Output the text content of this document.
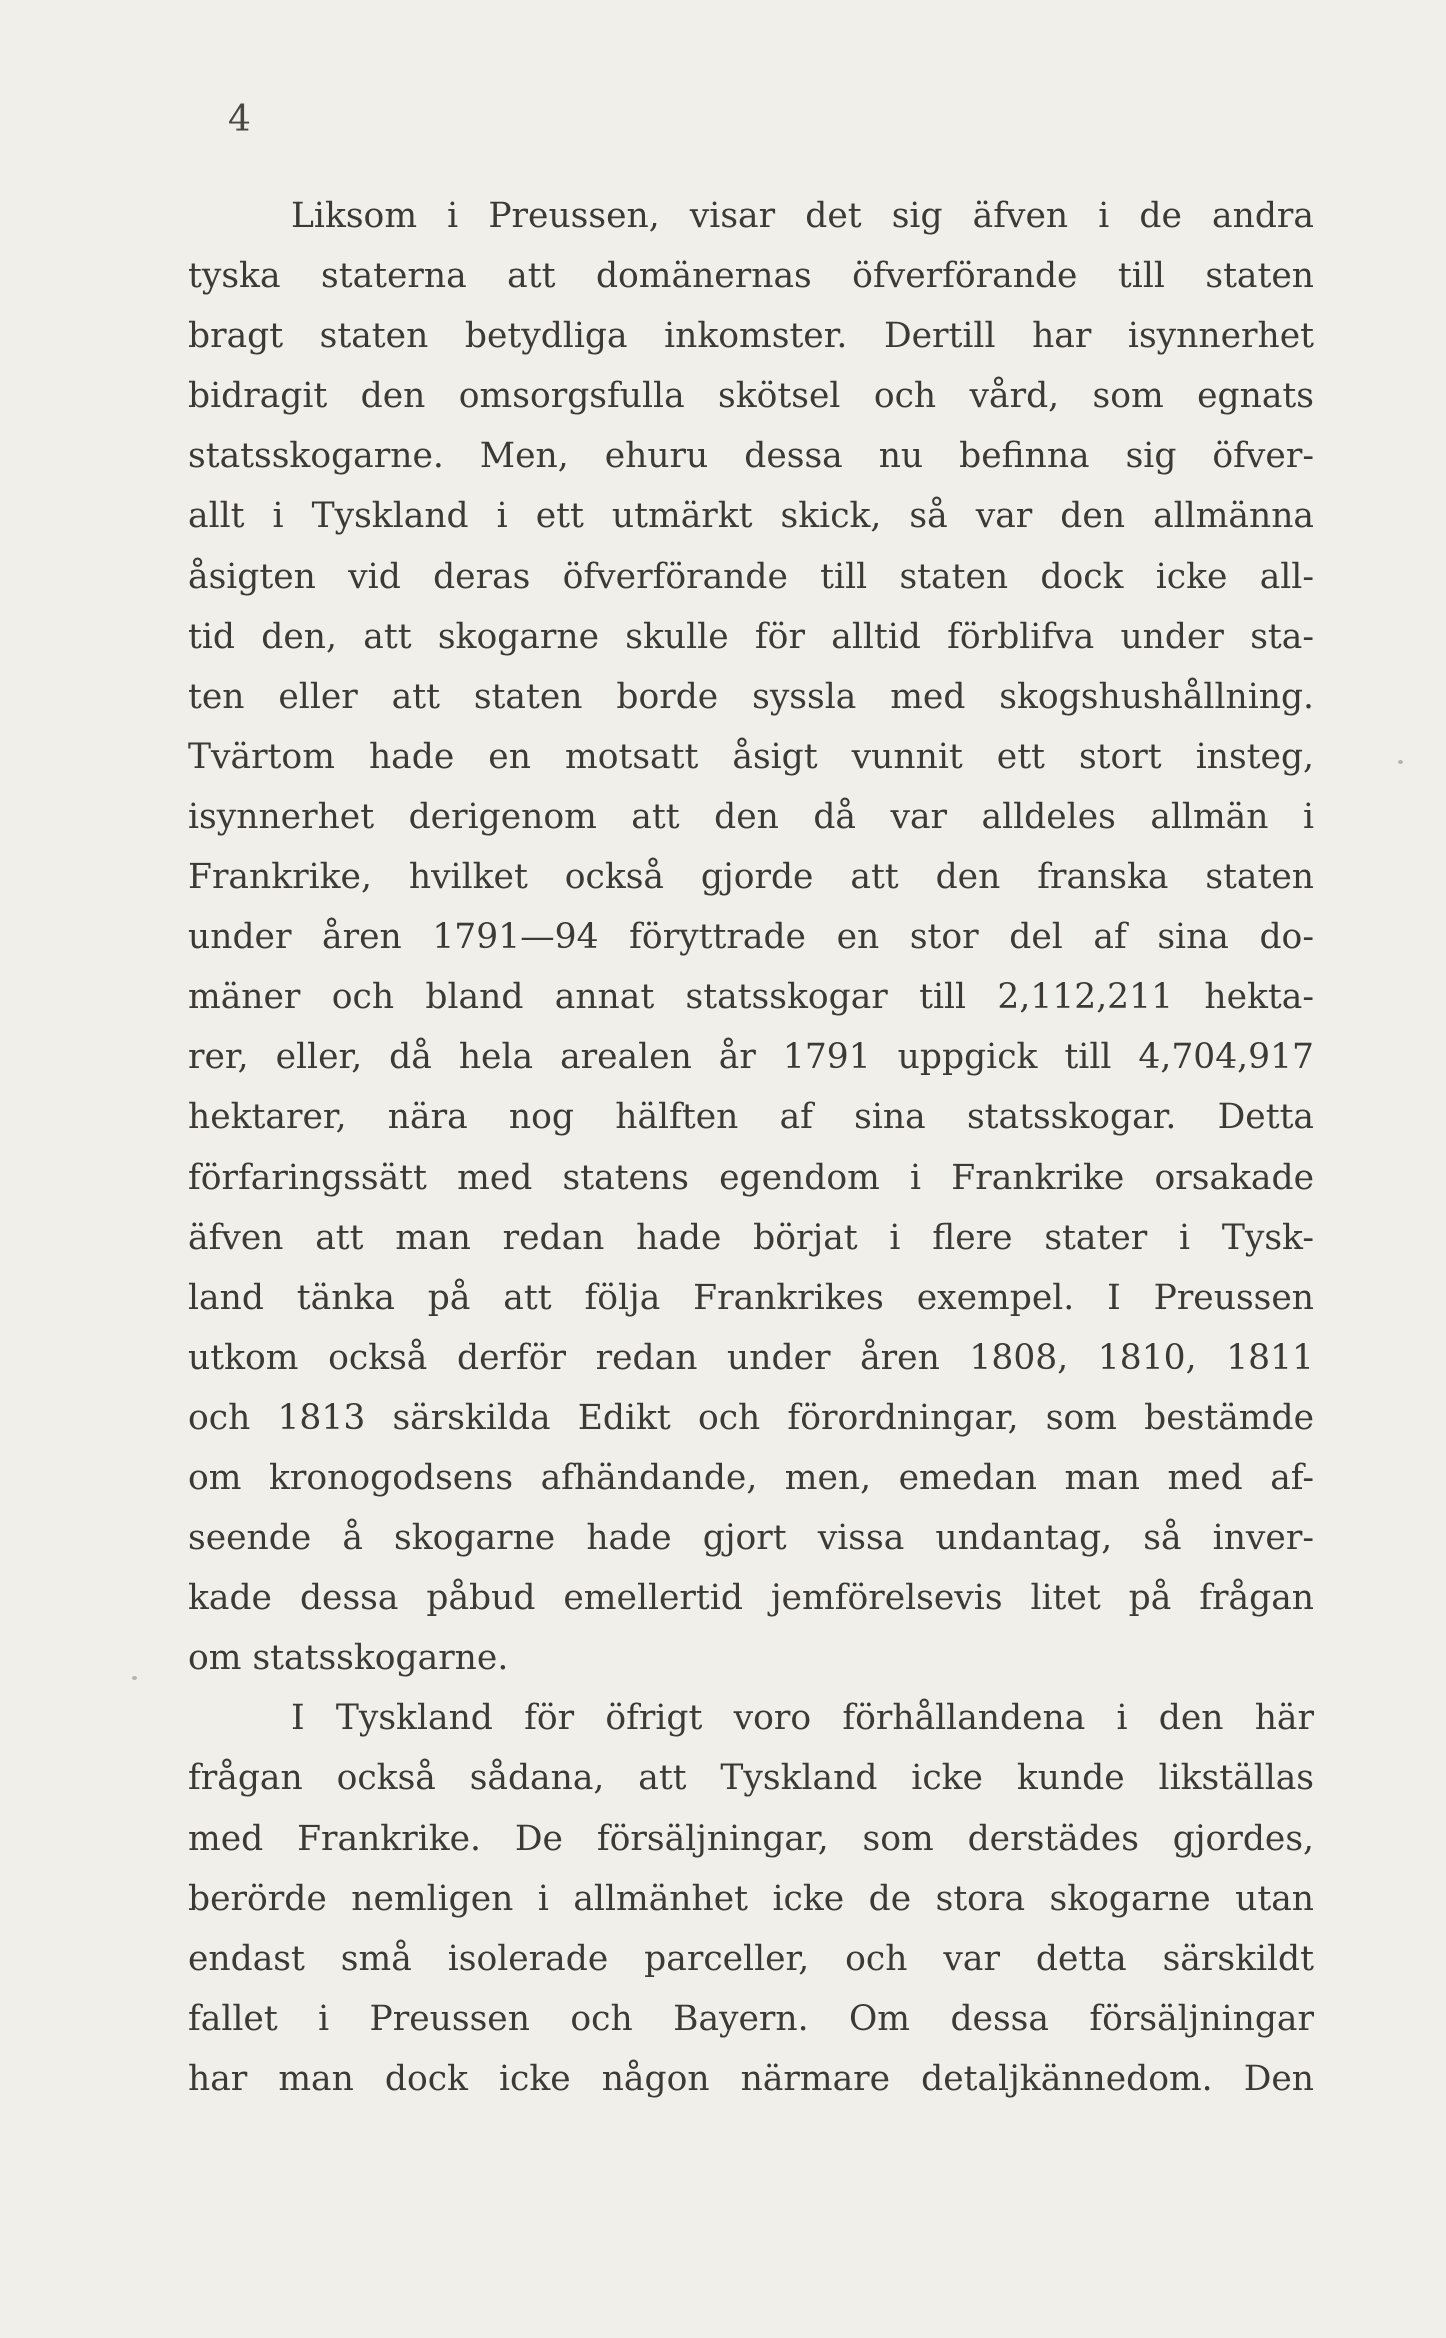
4
Liksom i Preussen, visar det sig äfven i de andra
tyska staterna att domänernas öfverförande till staten
bragt staten betydliga inkomster. Dertill har isynnerhet
bidragit den omsorgsfulla skötsel och vård, som egnats
statsskogarne. Men, ehuru dessa nu befinna sig öfver-
allt i Tyskland i ett utmärkt skick, så var den allmänna
åsigten vid deras öfverförande till staten dock icke all-
tid den, att skogarne skulle för alltid förblifva under sta-
ten eller att staten borde syssla med skogshushållning.
Tvärtom hade en motsatt åsigt vunnit ett stort insteg,
isynnerhet derigenom att den då var alldeles allmän i
Frankrike, hvilket också gjorde att den franska staten
under åren 1791—94 föryttrade en stor del af sina do-
mäner och bland annat statsskogar till 2,112,211 hekta-
rer, eller, då hela arealen år 1791 uppgick till 4,704,917
hektarer, nära nog hälften af sina statsskogar. Detta
förfaringssätt med statens egendom i Frankrike orsakade
äfven att man redan hade börjat i flere stater i Tysk-
land tänka på att följa Frankrikes exempel. I Preussen
utkom också derför redan under åren 1808, 1810, 1811
och 1813 särskilda Edikt och förordningar, som bestämde
om kronogodsens afhändande, men, emedan man med af-
seende å skogarne hade gjort vissa undantag, så inver-
kade dessa påbud emellertid jemförelsevis litet på frågan
om statsskogarne.
I Tyskland för öfrigt voro förhållandena i den här
frågan också sådana, att Tyskland icke kunde likställas
med Frankrike. De försäljningar, som derstädes gjordes,
berörde nemligen i allmänhet icke de stora skogarne utan
endast små isolerade parceller, och var detta särskildt
fallet i Preussen och Bayern. Om dessa försäljningar
har man dock icke någon närmare detaljkännedom. Den
